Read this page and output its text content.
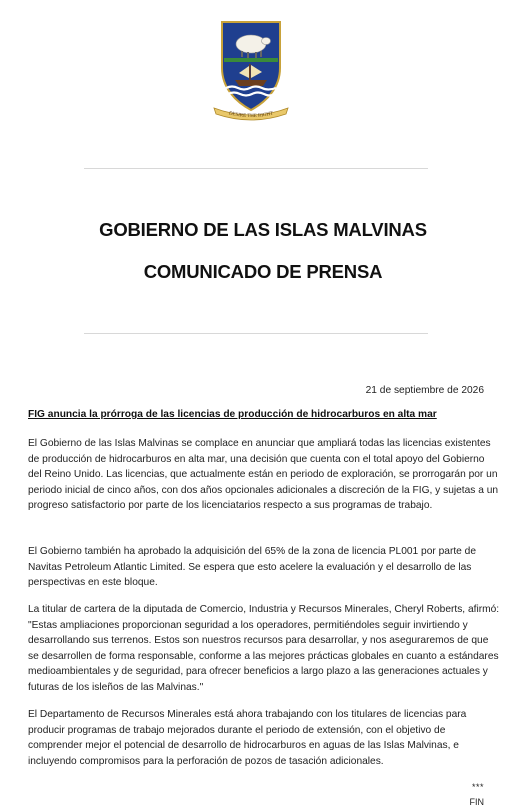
DESIRE THE RIGHT
GOBIERNO DE LAS ISLAS MALVINAS
COMUNICADO DE PRENSA
21 de septiembre de 2026
FIG anuncia la prórroga de las licencias de producción de hidrocarburos en alta mar

El Gobierno de las Islas Malvinas se complace en anunciar que ampliará todas las licencias existentes de producción de hidrocarburos en alta mar, una decisión que cuenta con el total apoyo del Gobierno del Reino Unido. Las licencias, que actualmente están en periodo de exploración, se prorrogarán por un periodo inicial de cinco años, con dos años opcionales adicionales a discreción de la FIG, y sujetas a un progreso satisfactorio por parte de los licenciatarios respecto a sus programas de trabajo.

El Gobierno también ha aprobado la adquisición del 65% de la zona de licencia PL001 por parte de Navitas Petroleum Atlantic Limited. Se espera que esto acelere la evaluación y el desarrollo de las perspectivas en este bloque.

La titular de cartera de la diputada de Comercio, Industria y Recursos Minerales, Cheryl Roberts, afirmó: "Estas ampliaciones proporcionan seguridad a los operadores, permitiéndoles seguir invirtiendo y desarrollando sus terrenos. Estos son nuestros recursos para desarrollar, y nos aseguraremos de que se desarrollen de forma responsable, conforme a las mejores prácticas globales en cuanto a estándares medioambientales y de seguridad, para ofrecer beneficios a largo plazo a las generaciones actuales y futuras de los isleños de las Malvinas."

El Departamento de Recursos Minerales está ahora trabajando con los titulares de licencias para producir programas de trabajo mejorados durante el periodo de extensión, con el objetivo de comprender mejor el potencial de desarrollo de hidrocarburos en aguas de las Islas Malvinas, e incluyendo compromisos para la perforación de pozos de tasación adicionales.

***
FIN
